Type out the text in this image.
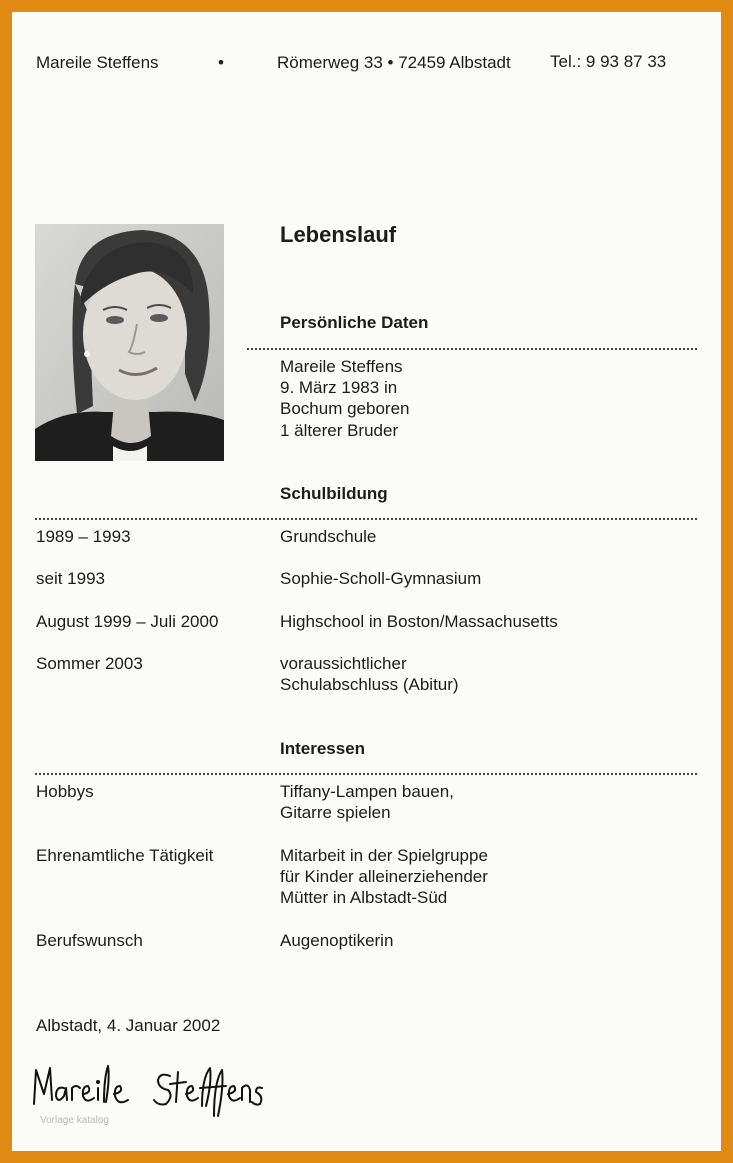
Mareile Steffens	•	Römerweg 33 • 72459 Albstadt Tel.: 9 93 87 33
Lebenslauf
Persönliche Daten
Mareile Steffens
9. März 1983 in
Bochum geboren
1 älterer Bruder
Schulbildung
1989 – 1993	Grundschule
seit 1993	Sophie-Scholl-Gymnasium
August 1999 – Juli 2000	Highschool in Boston/Massachusetts
Sommer 2003	voraussichtlicher
Schulabschluss (Abitur)
Interessen
Hobbys	Tiffany-Lampen bauen,
Gitarre spielen
Ehrenamtliche Tätigkeit	Mitarbeit in der Spielgruppe
für Kinder alleinerziehender
Mütter in Albstadt-Süd
Berufswunsch	Augenoptikerin
Albstadt, 4. Januar 2002
Vorlage katalog
